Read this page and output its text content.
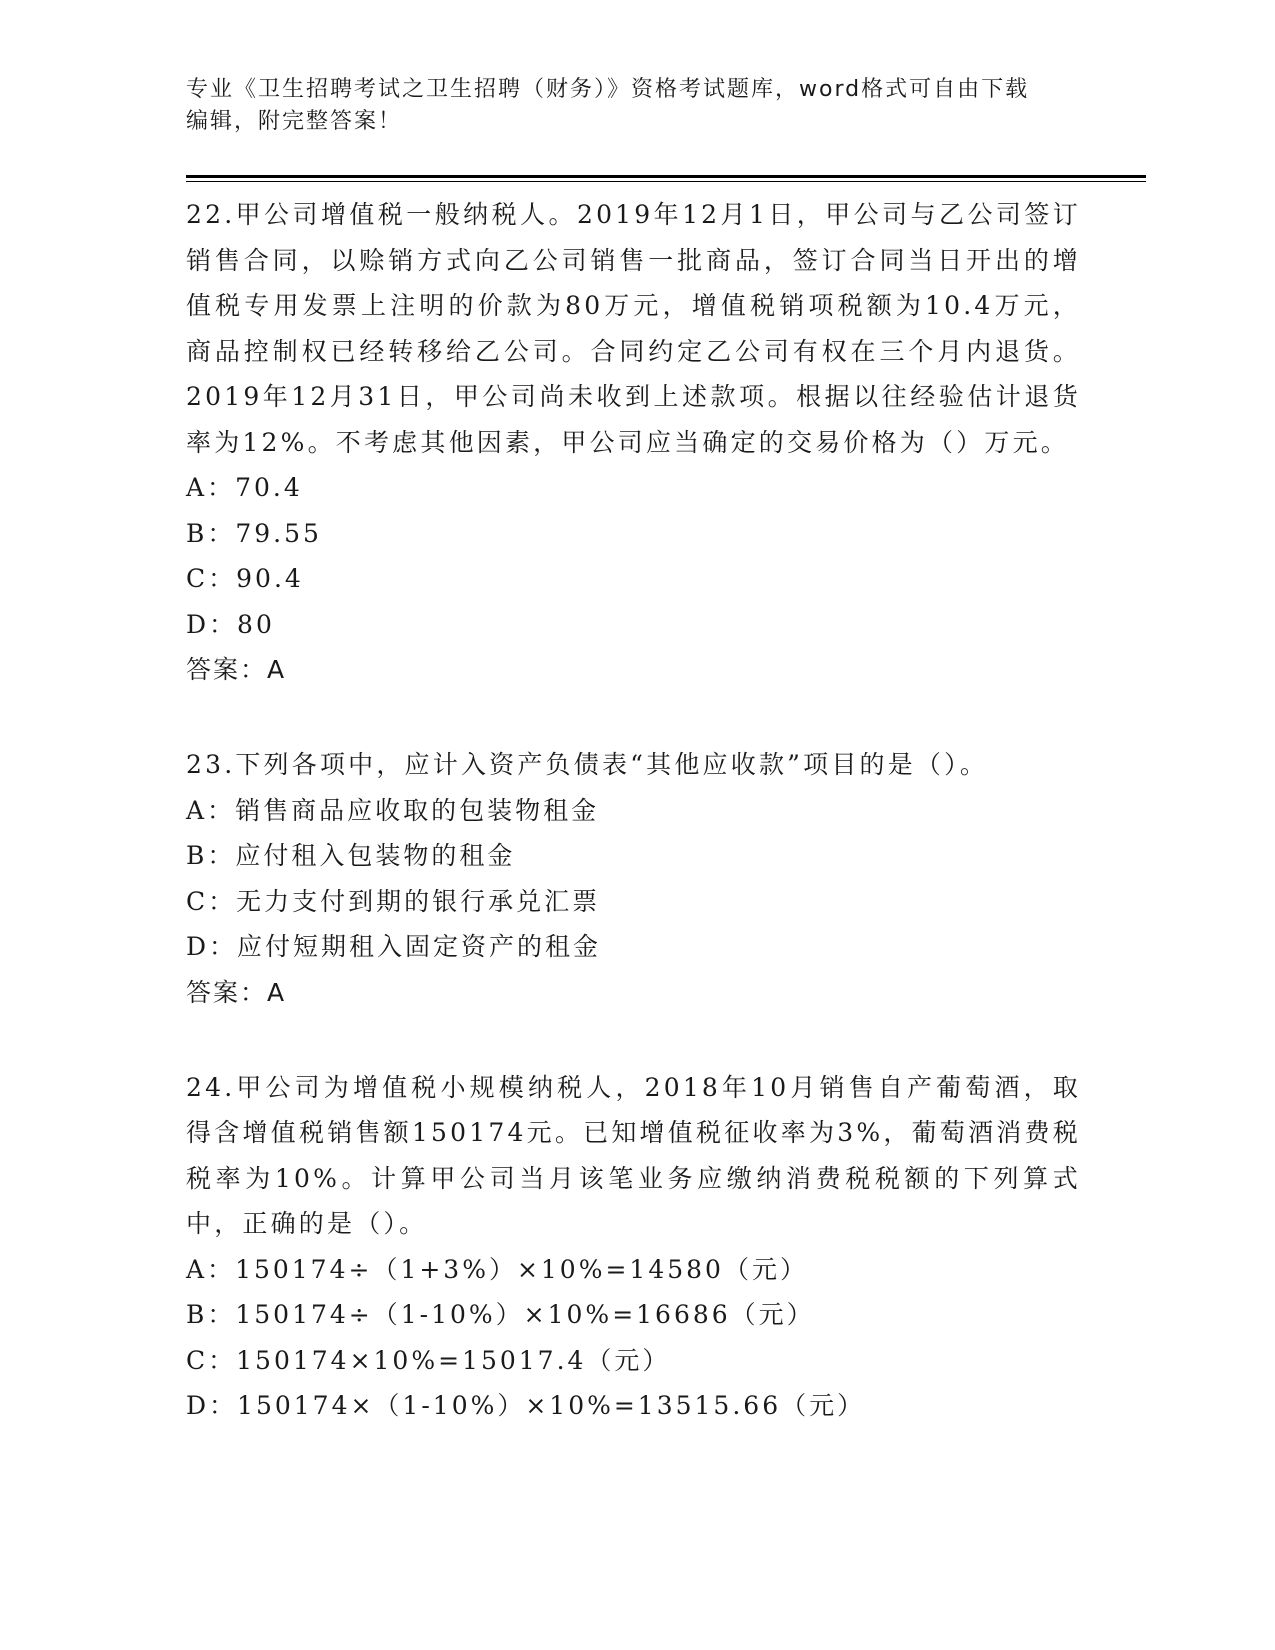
专业《卫生招聘考试之卫生招聘（财务）》资格考试题库，word格式可自由下载
编辑，附完整答案！

22.甲公司增值税一般纳税人。2019年12月1日，甲公司与乙公司签订销售合同，以赊销方式向乙公司销售一批商品，签订合同当日开出的增值税专用发票上注明的价款为80万元，增值税销项税额为10.4万元，商品控制权已经转移给乙公司。合同约定乙公司有权在三个月内退货。2019年12月31日，甲公司尚未收到上述款项。根据以往经验估计退货率为12%。不考虑其他因素，甲公司应当确定的交易价格为（）万元。

A：70.4
B：79.55
C：90.4
D：80

答案：A

23.下列各项中，应计入资产负债表“其他应收款”项目的是（）。

A：销售商品应收取的包装物租金
B：应付租入包装物的租金
C：无力支付到期的银行承兑汇票
D：应付短期租入固定资产的租金

答案：A

24.甲公司为增值税小规模纳税人，2018年10月销售自产葡萄酒，取得含增值税销售额150174元。已知增值税征收率为3%，葡萄酒消费税税率为10%。计算甲公司当月该笔业务应缴纳消费税税额的下列算式中，正确的是（）。

A：150174÷（1+3%）×10%=14580（元）
B：150174÷（1-10%）×10%=16686（元）
C：150174×10%=15017.4（元）
D：150174×（1-10%）×10%=13515.66（元）
